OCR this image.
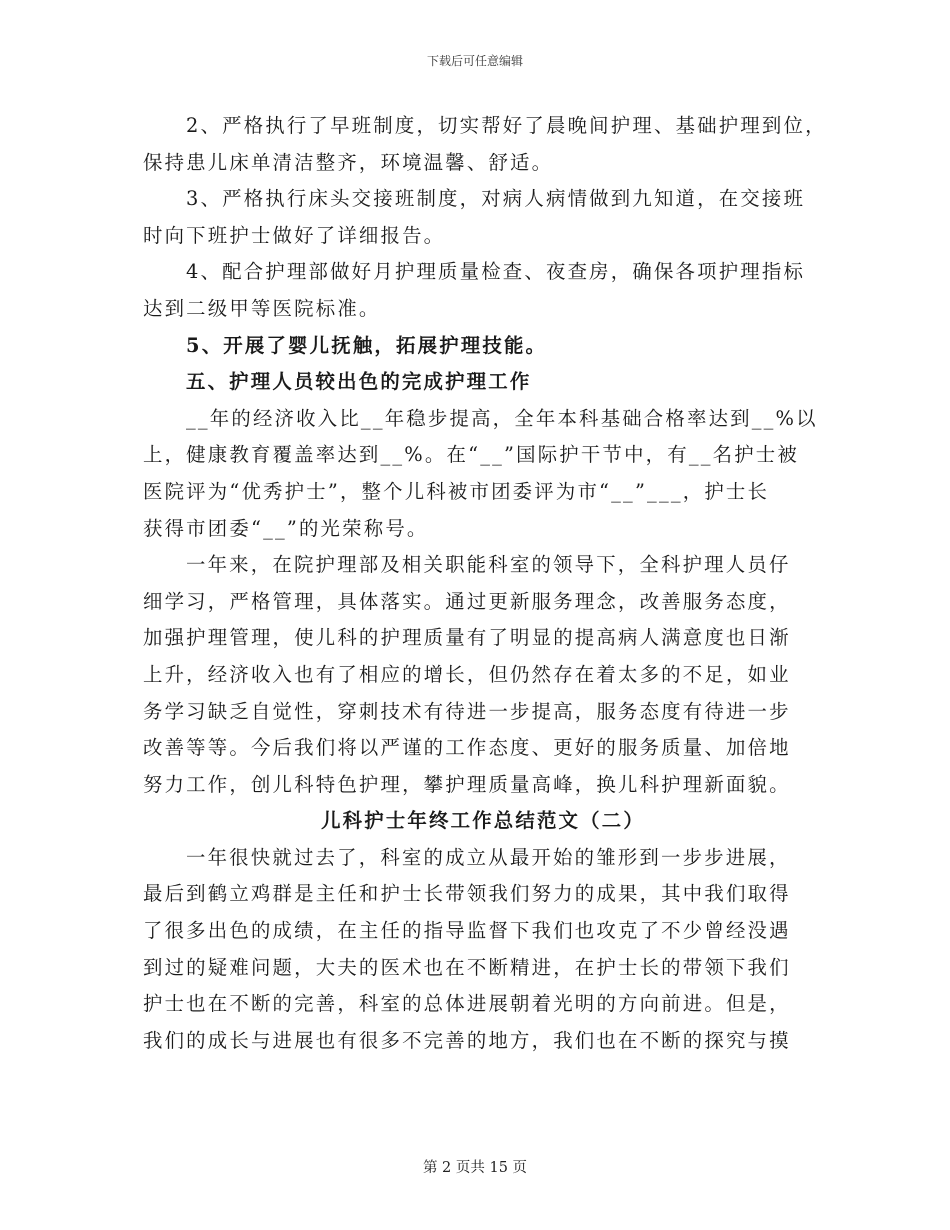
下载后可任意编辑
2、严格执行了早班制度，切实帮好了晨晚间护理、基础护理到位，
保持患儿床单清洁整齐，环境温馨、舒适。
3、严格执行床头交接班制度，对病人病情做到九知道，在交接班
时向下班护士做好了详细报告。
4、配合护理部做好月护理质量检查、夜查房，确保各项护理指标
达到二级甲等医院标准。
5、开展了婴儿抚触，拓展护理技能。
五、护理人员较出色的完成护理工作
__年的经济收入比__年稳步提高，全年本科基础合格率达到__%以
上，健康教育覆盖率达到__%。在“__”国际护干节中，有__名护士被
医院评为“优秀护士”，整个儿科被市团委评为市“__”___，护士长
获得市团委“__”的光荣称号。
一年来，在院护理部及相关职能科室的领导下，全科护理人员仔
细学习，严格管理，具体落实。通过更新服务理念，改善服务态度，
加强护理管理，使儿科的护理质量有了明显的提高病人满意度也日渐
上升，经济收入也有了相应的增长，但仍然存在着太多的不足，如业
务学习缺乏自觉性，穿刺技术有待进一步提高，服务态度有待进一步
改善等等。今后我们将以严谨的工作态度、更好的服务质量、加倍地
努力工作，创儿科特色护理，攀护理质量高峰，换儿科护理新面貌。
儿科护士年终工作总结范文（二）
一年很快就过去了，科室的成立从最开始的雏形到一步步进展，
最后到鹤立鸡群是主任和护士长带领我们努力的成果，其中我们取得
了很多出色的成绩，在主任的指导监督下我们也攻克了不少曾经没遇
到过的疑难问题，大夫的医术也在不断精进，在护士长的带领下我们
护士也在不断的完善，科室的总体进展朝着光明的方向前进。但是，
我们的成长与进展也有很多不完善的地方，我们也在不断的探究与摸
第 2 页共 15 页
